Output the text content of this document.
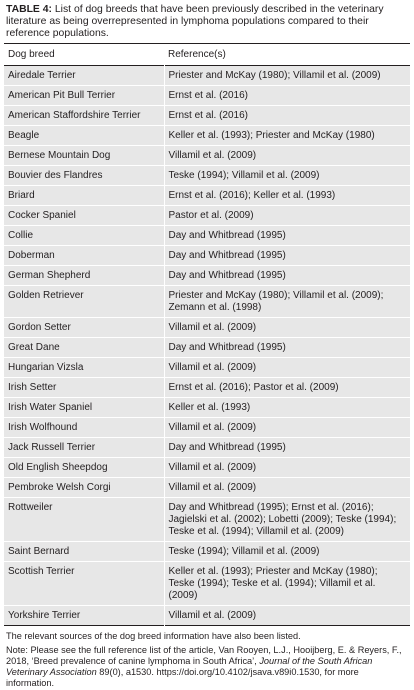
TABLE 4: List of dog breeds that have been previously described in the veterinary literature as being overrepresented in lymphoma populations compared to their reference populations.
Dog breed	Reference(s)
Airedale Terrier	Priester and McKay (1980); Villamil et al. (2009)
American Pit Bull Terrier	Ernst et al. (2016)
American Staffordshire Terrier	Ernst et al. (2016)
Beagle	Keller et al. (1993); Priester and McKay (1980)
Bernese Mountain Dog	Villamil et al. (2009)
Bouvier des Flandres	Teske (1994); Villamil et al. (2009)
Briard	Ernst et al. (2016); Keller et al. (1993)
Cocker Spaniel	Pastor et al. (2009)
Collie	Day and Whitbread (1995)
Doberman	Day and Whitbread (1995)
German Shepherd	Day and Whitbread (1995)
Golden Retriever	Priester and McKay (1980); Villamil et al. (2009); Zemann et al. (1998)
Gordon Setter	Villamil et al. (2009)
Great Dane	Day and Whitbread (1995)
Hungarian Vizsla	Villamil et al. (2009)
Irish Setter	Ernst et al. (2016); Pastor et al. (2009)
Irish Water Spaniel	Keller et al. (1993)
Irish Wolfhound	Villamil et al. (2009)
Jack Russell Terrier	Day and Whitbread (1995)
Old English Sheepdog	Villamil et al. (2009)
Pembroke Welsh Corgi	Villamil et al. (2009)
Rottweiler	Day and Whitbread (1995); Ernst et al. (2016); Jagielski et al. (2002); Lobetti (2009); Teske (1994); Teske et al. (1994); Villamil et al. (2009)
Saint Bernard	Teske (1994); Villamil et al. (2009)
Scottish Terrier	Keller et al. (1993); Priester and McKay (1980); Teske (1994); Teske et al. (1994); Villamil et al. (2009)
Yorkshire Terrier	Villamil et al. (2009)

The relevant sources of the dog breed information have also been listed.

Note: Please see the full reference list of the article, Van Rooyen, L.J., Hooijberg, E. & Reyers, F., 2018, ‘Breed prevalence of canine lymphoma in South Africa’, Journal of the South African Veterinary Association 89(0), a1530. https://doi.org/10.4102/jsava.v89i0.1530, for more information.
